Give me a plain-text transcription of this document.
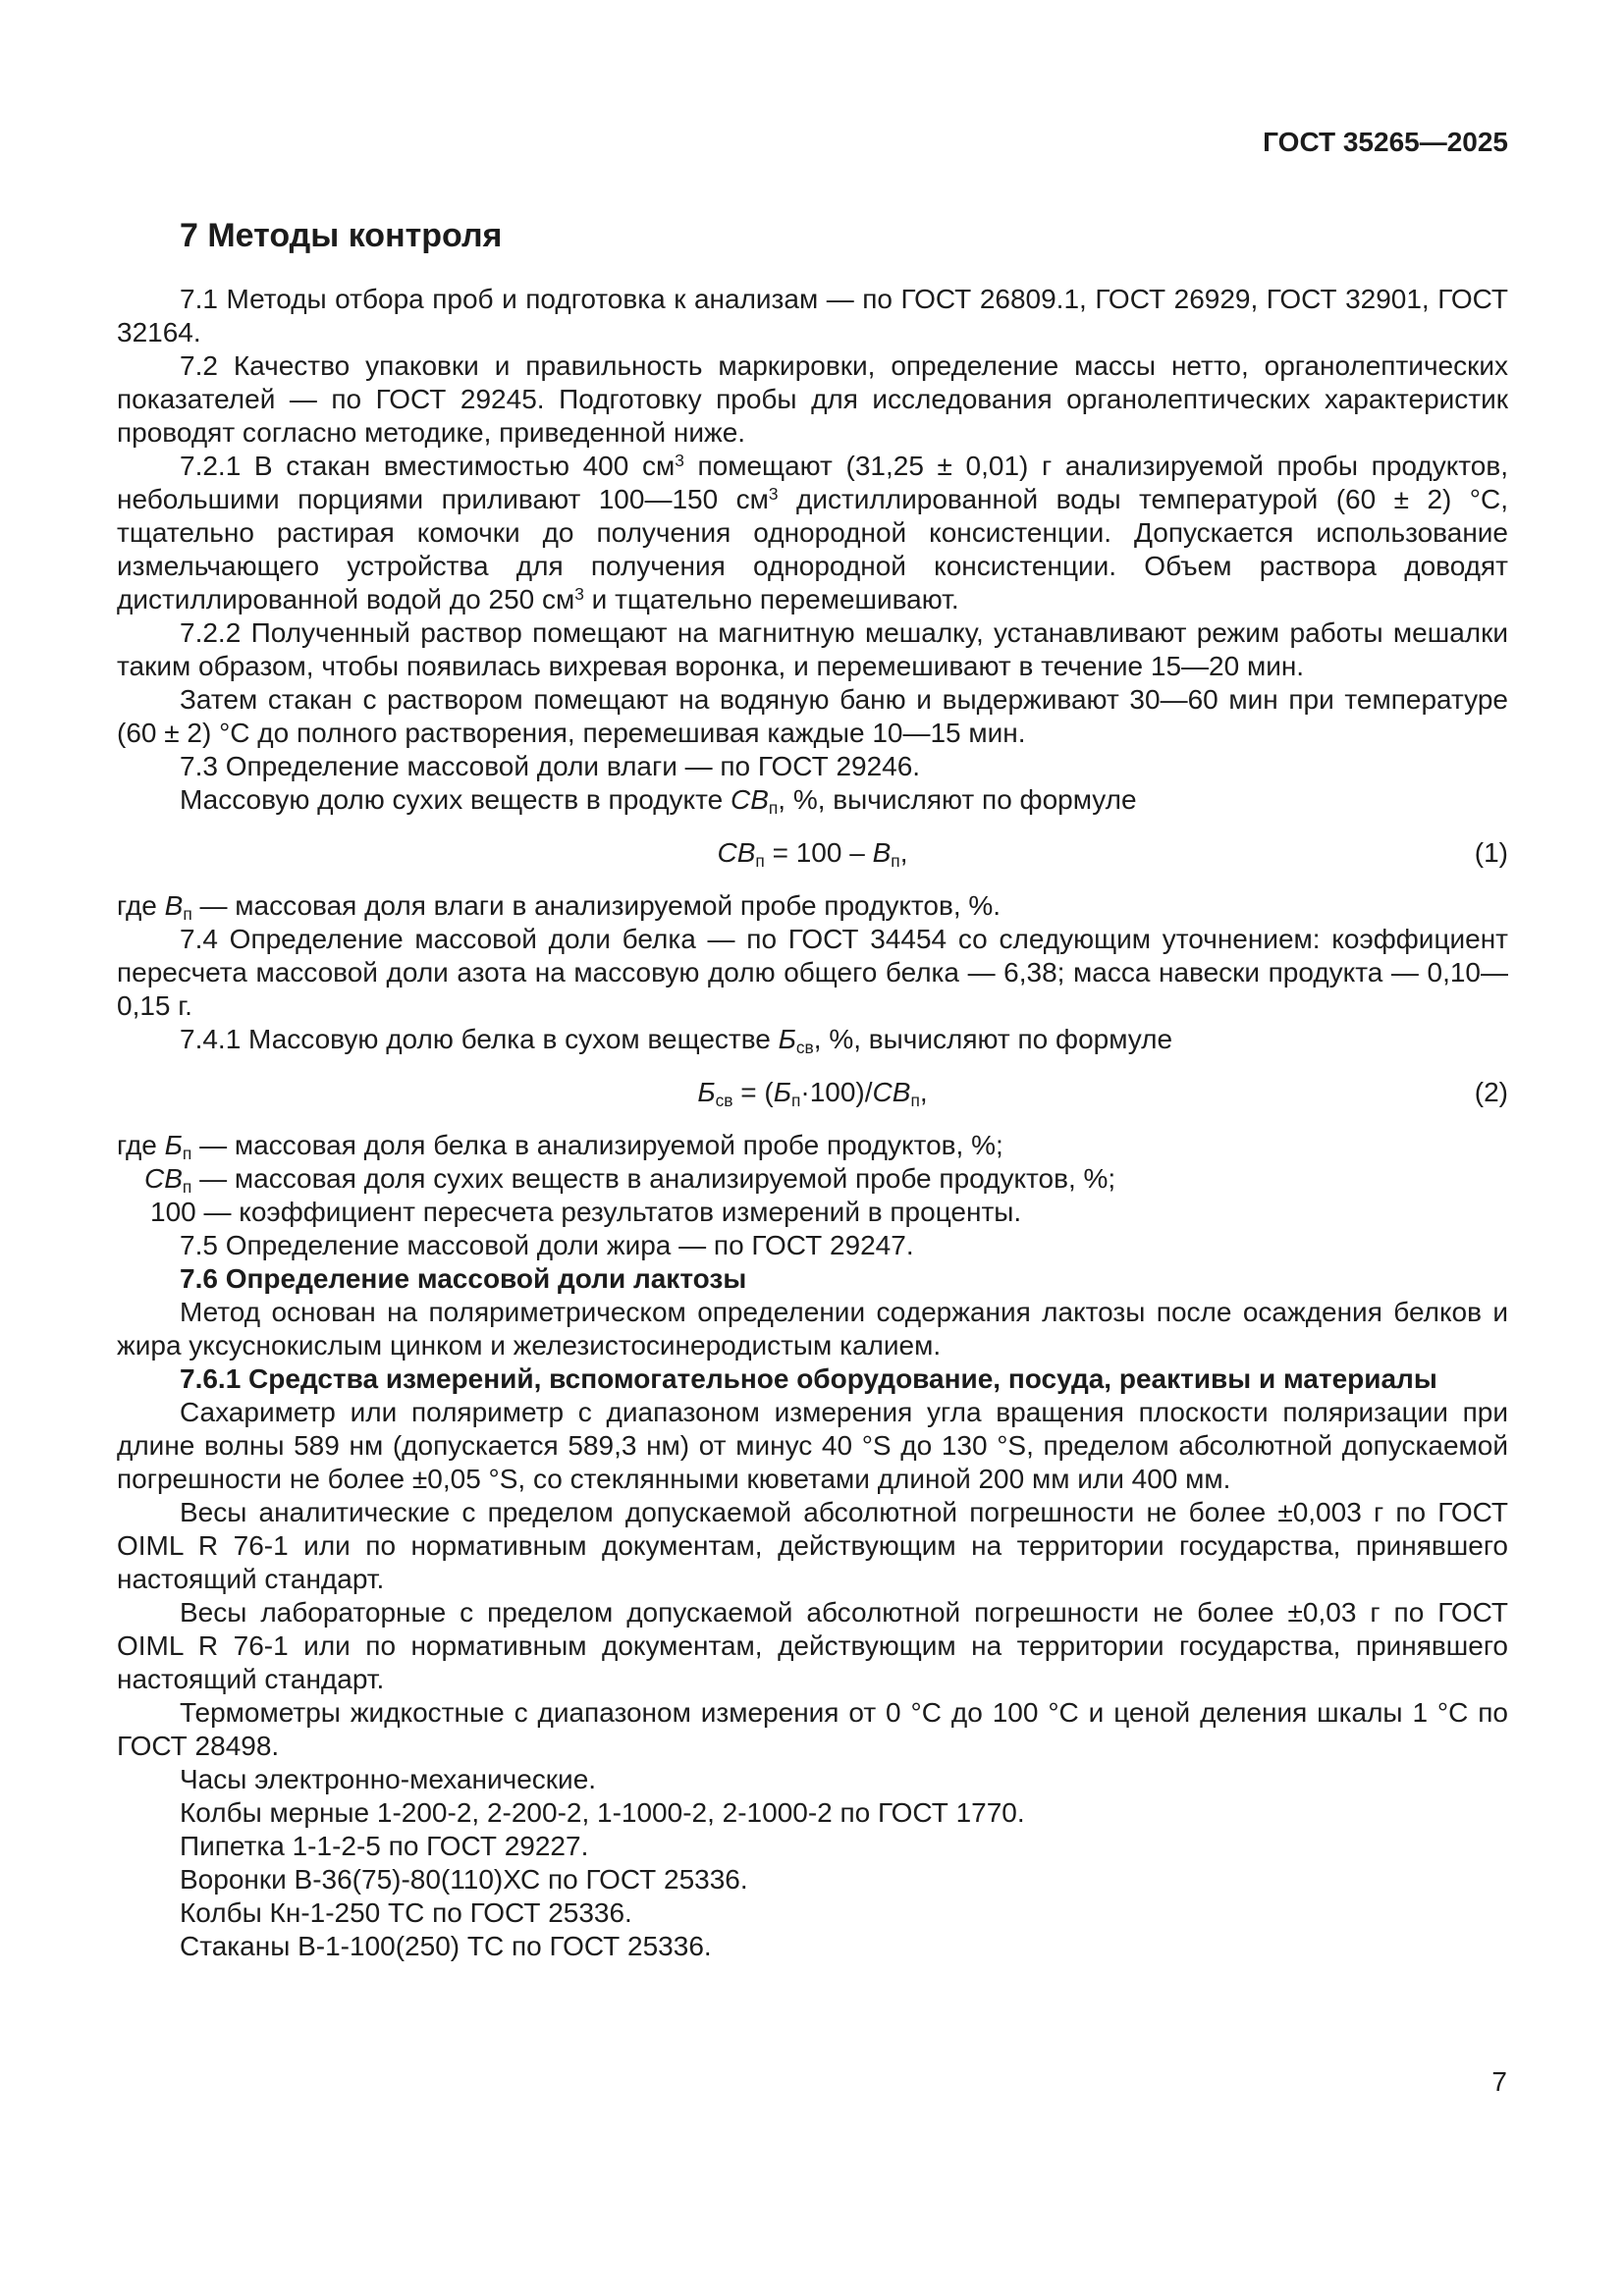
ГОСТ 35265—2025
7 Методы контроля

7.1 Методы отбора проб и подготовка к анализам — по ГОСТ 26809.1, ГОСТ 26929, ГОСТ 32901, ГОСТ 32164.

7.2 Качество упаковки и правильность маркировки, определение массы нетто, органолептических показателей — по ГОСТ 29245. Подготовку пробы для исследования органолептических характеристик проводят согласно методике, приведенной ниже.

7.2.1 В стакан вместимостью 400 $см^3$ помещают (31,25 ± 0,01) г анализируемой пробы продуктов, небольшими порциями приливают 100—150 $см^3$ дистиллированной воды температурой (60 ± 2) °С, тщательно растирая комочки до получения однородной консистенции. Допускается использование измельчающего устройства для получения однородной консистенции. Объем раствора доводят дистиллированной водой до 250 $см^3$ и тщательно перемешивают.

7.2.2 Полученный раствор помещают на магнитную мешалку, устанавливают режим работы мешалки таким образом, чтобы появилась вихревая воронка, и перемешивают в течение 15—20 мин.

Затем стакан с раствором помещают на водяную баню и выдерживают 30—60 мин при температуре (60 ± 2) °С до полного растворения, перемешивая каждые 10—15 мин.

7.3 Определение массовой доли влаги — по ГОСТ 29246.

Массовую долю сухих веществ в продукте $СВ_п$, %, вычисляют по формуле

$СВ_п = 100 - В_п$,	(1)

где $В_п$ — массовая доля влаги в анализируемой пробе продуктов, %.

7.4 Определение массовой доли белка — по ГОСТ 34454 со следующим уточнением: коэффициент пересчета массовой доли азота на массовую долю общего белка — 6,38; масса навески продукта — 0,10—0,15 г.

7.4.1 Массовую долю белка в сухом веществе $Б_{св}$, %, вычисляют по формуле

$Б_{св} = (Б_п\cdot 100)/СВ_п$,	(2)

где $Б_п$ — массовая доля белка в анализируемой пробе продуктов, %;

$СВ_п$ — массовая доля сухих веществ в анализируемой пробе продуктов, %;

100 — коэффициент пересчета результатов измерений в проценты.

7.5 Определение массовой доли жира — по ГОСТ 29247.

7.6 Определение массовой доли лактозы

Метод основан на поляриметрическом определении содержания лактозы после осаждения белков и жира уксуснокислым цинком и железистосинеродистым калием.

7.6.1 Средства измерений, вспомогательное оборудование, посуда, реактивы и материалы

Сахариметр или поляриметр с диапазоном измерения угла вращения плоскости поляризации при длине волны 589 нм (допускается 589,3 нм) от минус 40 °S до 130 °S, пределом абсолютной допускаемой погрешности не более ±0,05 °S, со стеклянными кюветами длиной 200 мм или 400 мм.

Весы аналитические с пределом допускаемой абсолютной погрешности не более ±0,003 г по ГОСТ OIML R 76-1 или по нормативным документам, действующим на территории государства, принявшего настоящий стандарт.

Весы лабораторные с пределом допускаемой абсолютной погрешности не более ±0,03 г по ГОСТ OIML R 76-1 или по нормативным документам, действующим на территории государства, принявшего настоящий стандарт.

Термометры жидкостные с диапазоном измерения от 0 °С до 100 °С и ценой деления шкалы 1 °С по ГОСТ 28498.

Часы электронно-механические.

Колбы мерные 1-200-2, 2-200-2, 1-1000-2, 2-1000-2 по ГОСТ 1770.

Пипетка 1-1-2-5 по ГОСТ 29227.

Воронки В-36(75)-80(110)ХС по ГОСТ 25336.

Колбы Кн-1-250 ТС по ГОСТ 25336.

Стаканы В-1-100(250) ТС по ГОСТ 25336.

7
